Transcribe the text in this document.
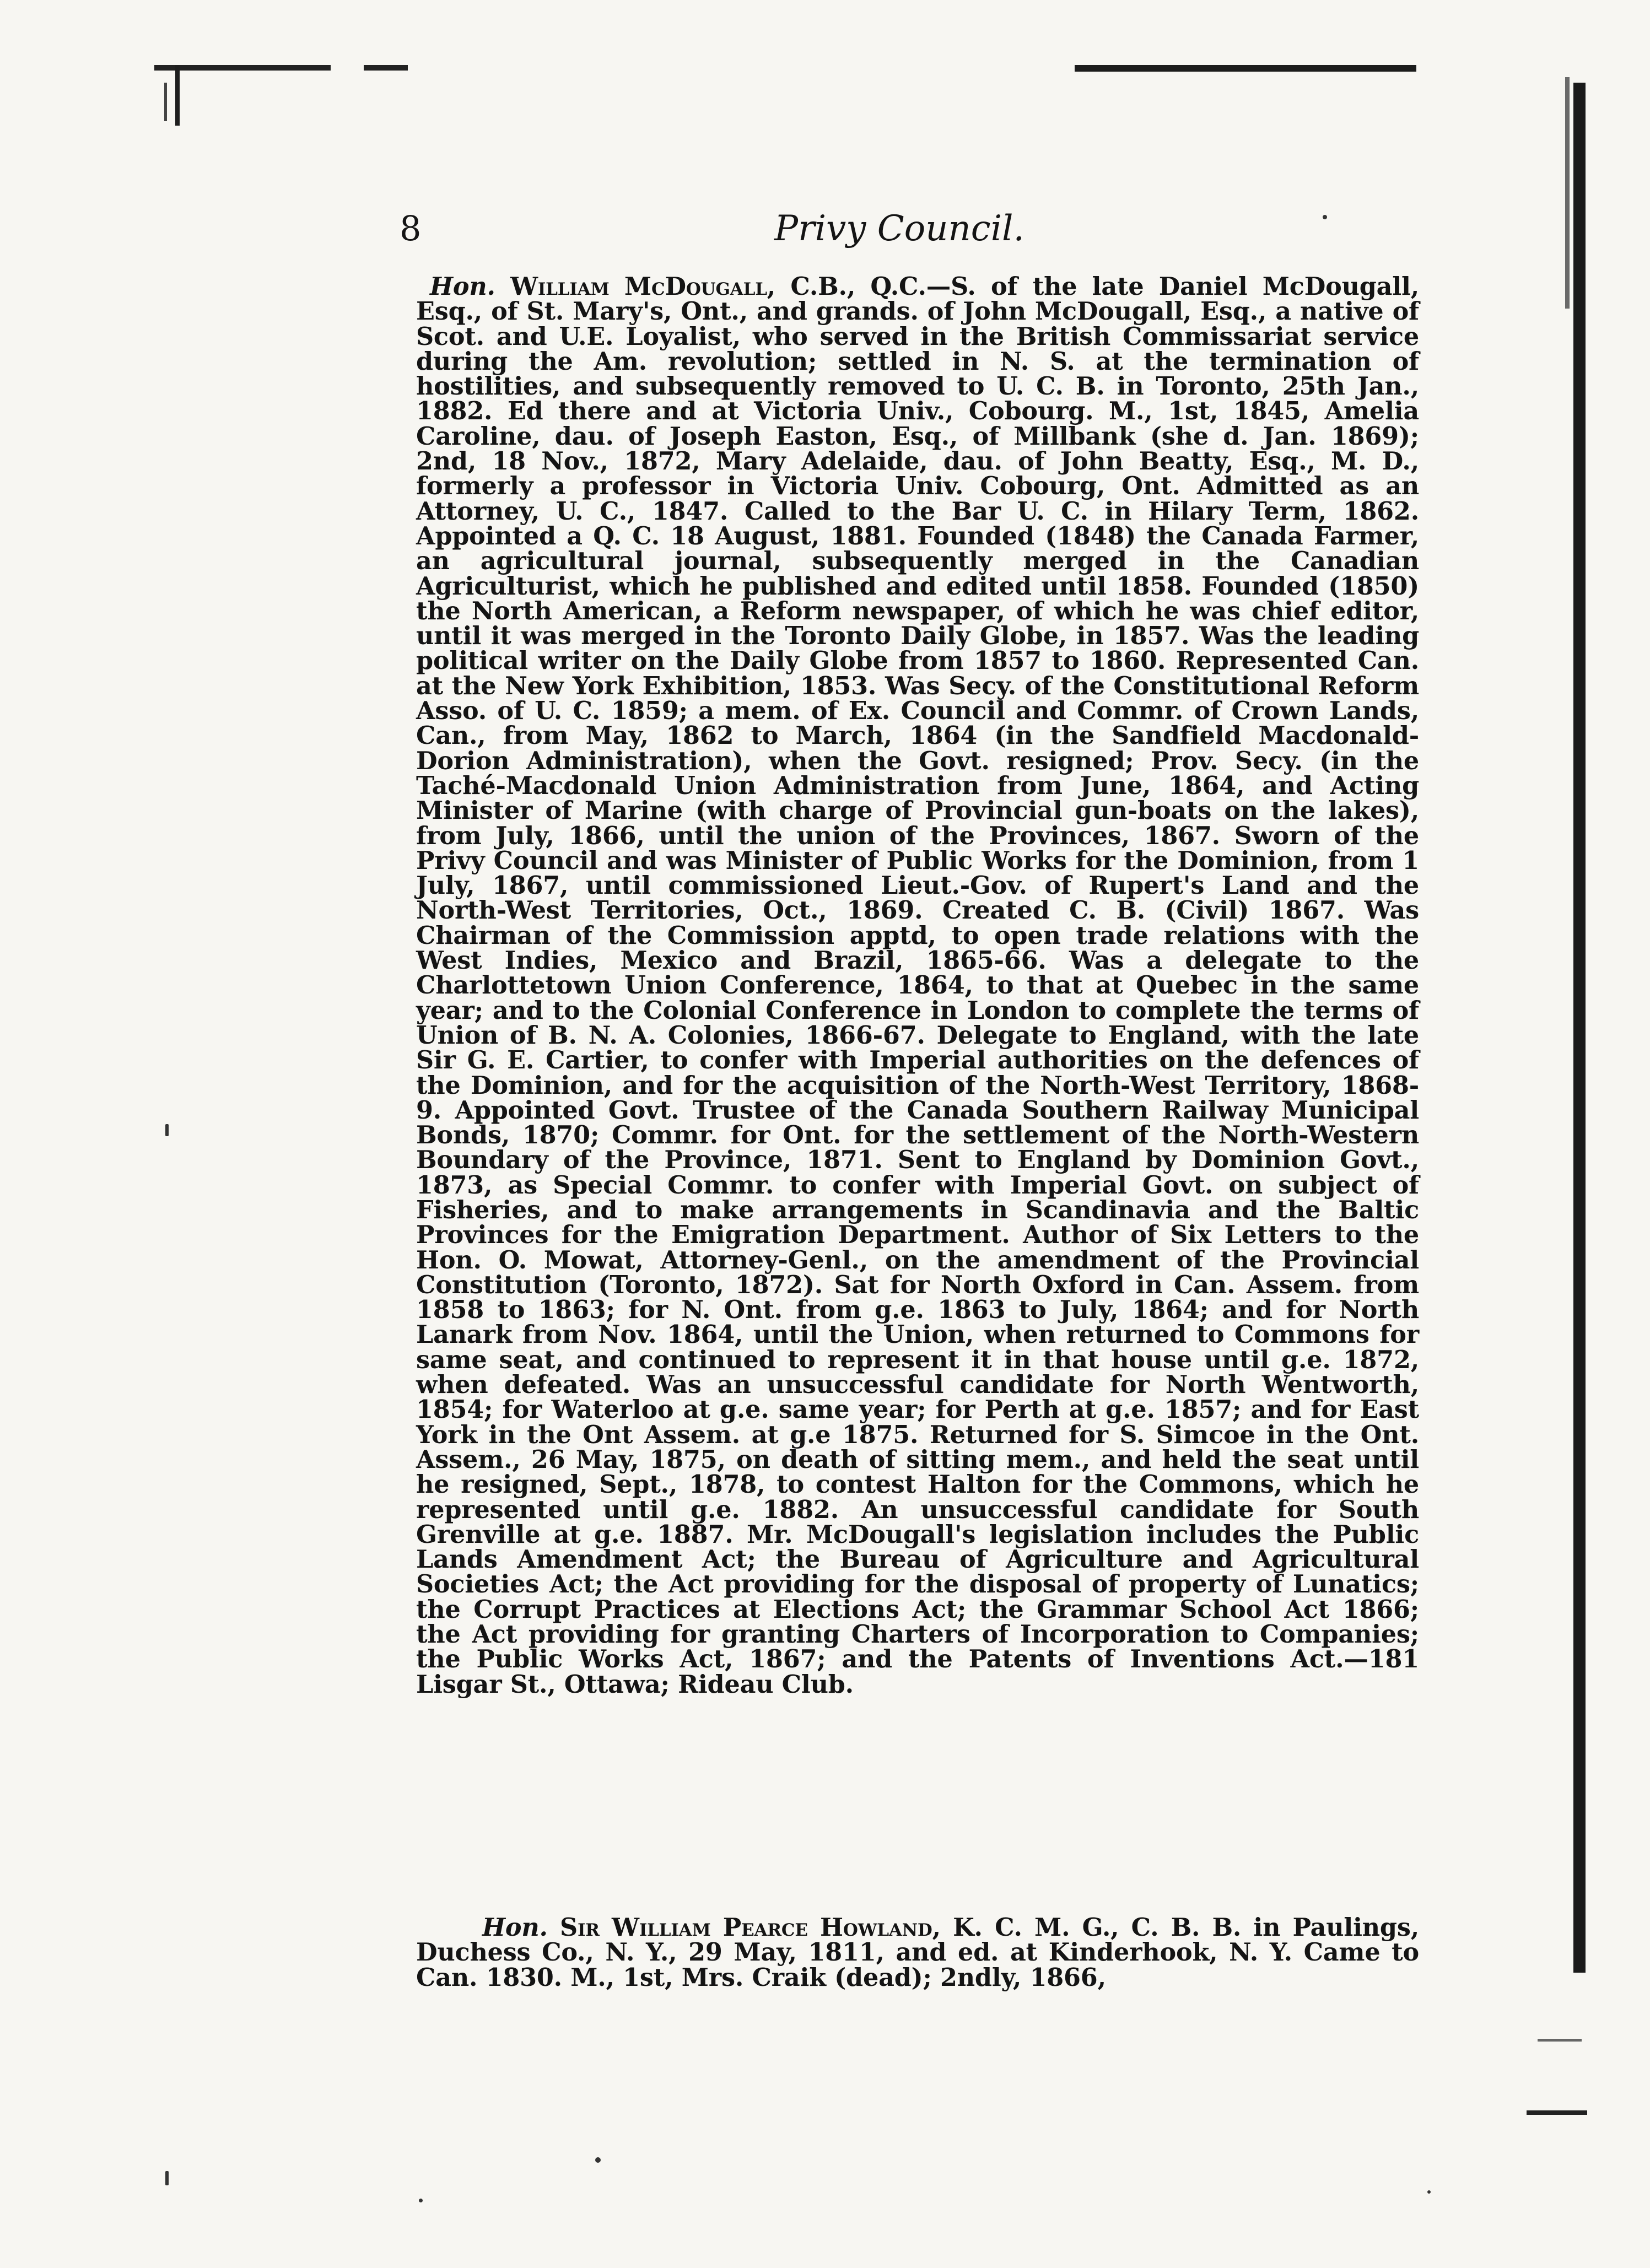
8	Privy Council.

Hon. William McDougall, C.B., Q.C.—S. of the late Daniel McDougall, Esq., of St. Mary's, Ont., and grands. of John McDougall, Esq., a native of Scot. and U.E. Loyalist, who served in the British Commissariat service during the Am. revolution; settled in N. S. at the termination of hostilities, and subsequently removed to U. C. B. in Toronto, 25th Jan., 1882. Ed there and at Victoria Univ., Cobourg. M., 1st, 1845, Amelia Caroline, dau. of Joseph Easton, Esq., of Millbank (she d. Jan. 1869); 2nd, 18 Nov., 1872, Mary Adelaide, dau. of John Beatty, Esq., M. D., formerly a professor in Victoria Univ. Cobourg, Ont. Admitted as an Attorney, U. C., 1847. Called to the Bar U. C. in Hilary Term, 1862. Appointed a Q. C. 18 August, 1881. Founded (1848) the Canada Farmer, an agricultural journal, subsequently merged in the Canadian Agriculturist, which he published and edited until 1858. Founded (1850) the North American, a Reform newspaper, of which he was chief editor, until it was merged in the Toronto Daily Globe, in 1857. Was the leading political writer on the Daily Globe from 1857 to 1860. Represented Can. at the New York Exhibition, 1853. Was Secy. of the Constitutional Reform Asso. of U. C. 1859; a mem. of Ex. Council and Commr. of Crown Lands, Can., from May, 1862 to March, 1864 (in the Sandfield Macdonald-Dorion Administration), when the Govt. resigned; Prov. Secy. (in the Taché-Macdonald Union Administration from June, 1864, and Acting Minister of Marine (with charge of Provincial gun-boats on the lakes), from July, 1866, until the union of the Provinces, 1867. Sworn of the Privy Council and was Minister of Public Works for the Dominion, from 1 July, 1867, until commissioned Lieut.-Gov. of Rupert's Land and the North-West Territories, Oct., 1869. Created C. B. (Civil) 1867. Was Chairman of the Commission apptd, to open trade relations with the West Indies, Mexico and Brazil, 1865-66. Was a delegate to the Charlottetown Union Conference, 1864, to that at Quebec in the same year; and to the Colonial Conference in London to complete the terms of Union of B. N. A. Colonies, 1866-67. Delegate to England, with the late Sir G. E. Cartier, to confer with Imperial authorities on the defences of the Dominion, and for the acquisition of the North-West Territory, 1868-9. Appointed Govt. Trustee of the Canada Southern Railway Municipal Bonds, 1870; Commr. for Ont. for the settlement of the North-Western Boundary of the Province, 1871. Sent to England by Dominion Govt., 1873, as Special Commr. to confer with Imperial Govt. on subject of Fisheries, and to make arrangements in Scandinavia and the Baltic Provinces for the Emigration Department. Author of Six Letters to the Hon. O. Mowat, Attorney-Genl., on the amendment of the Provincial Constitution (Toronto, 1872). Sat for North Oxford in Can. Assem. from 1858 to 1863; for N. Ont. from g.e. 1863 to July, 1864; and for North Lanark from Nov. 1864, until the Union, when returned to Commons for same seat, and continued to represent it in that house until g.e. 1872, when defeated. Was an unsuccessful candidate for North Wentworth, 1854; for Waterloo at g.e. same year; for Perth at g.e. 1857; and for East York in the Ont Assem. at g.e 1875. Returned for S. Simcoe in the Ont. Assem., 26 May, 1875, on death of sitting mem., and held the seat until he resigned, Sept., 1878, to contest Halton for the Commons, which he represented until g.e. 1882. An unsuccessful candidate for South Grenville at g.e. 1887. Mr. McDougall's legislation includes the Public Lands Amendment Act; the Bureau of Agriculture and Agricultural Societies Act; the Act providing for the disposal of property of Lunatics; the Corrupt Practices at Elections Act; the Grammar School Act 1866; the Act providing for granting Charters of Incorporation to Companies; the Public Works Act, 1867; and the Patents of Inventions Act.—181 Lisgar St., Ottawa; Rideau Club.

Hon. Sir William Pearce Howland, K. C. M. G., C. B. B. in Paulings, Duchess Co., N. Y., 29 May, 1811, and ed. at Kinderhook, N. Y. Came to Can. 1830. M., 1st, Mrs. Craik (dead); 2ndly, 1866,
